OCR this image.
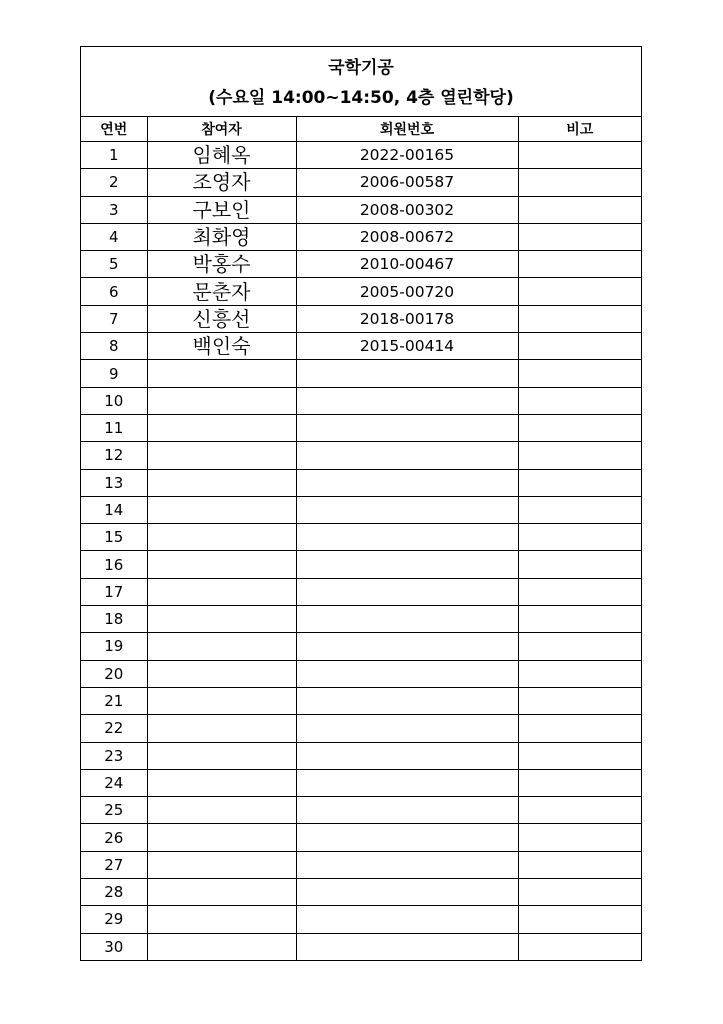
국학기공
(수요일 14:00~14:50, 4층 열린학당)
연번	참여자	회원번호	비고
1	임혜옥	2022-00165	
2	조영자	2006-00587	
3	구보인	2008-00302	
4	최화영	2008-00672	
5	박홍수	2010-00467	
6	문춘자	2005-00720	
7	신흥선	2018-00178	
8	백인숙	2015-00414	
9			
10			
11			
12			
13			
14			
15			
16			
17			
18			
19			
20			
21			
22			
23			
24			
25			
26			
27			
28			
29			
30			
